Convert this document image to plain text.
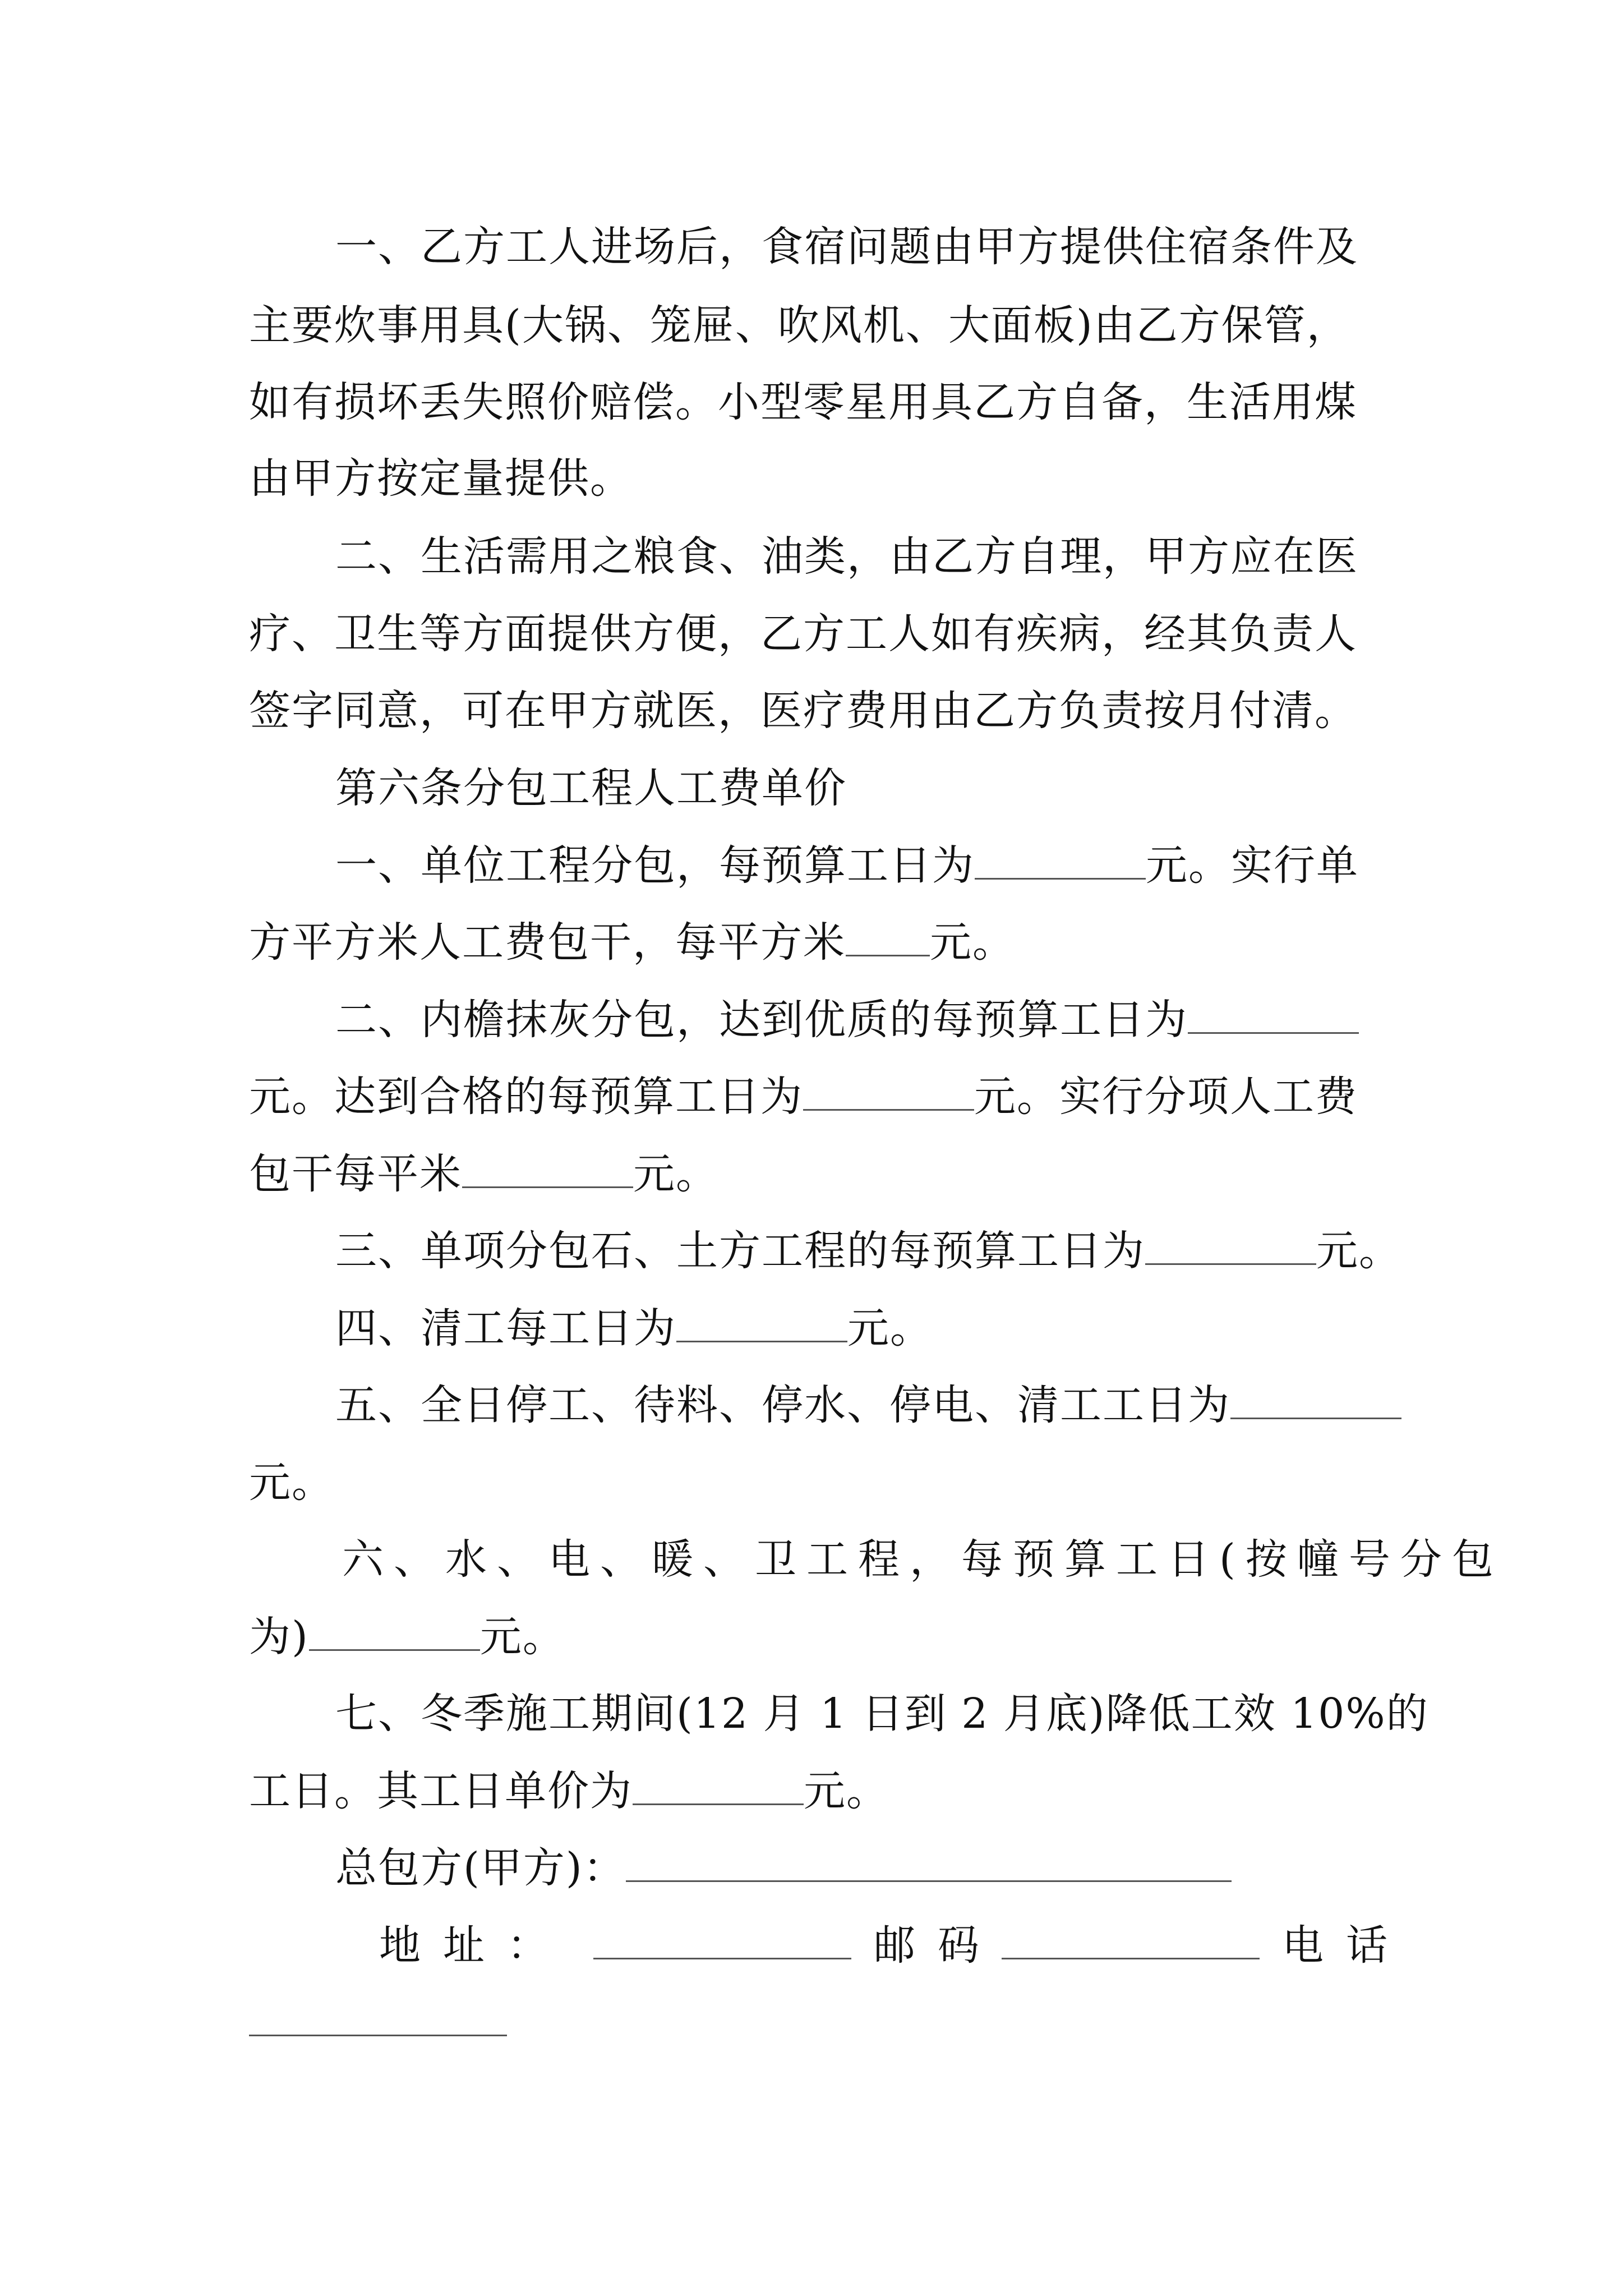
一、乙方工人进场后，食宿问题由甲方提供住宿条件及
主要炊事用具(大锅、笼屉、吹风机、大面板)由乙方保管，
如有损坏丢失照价赔偿。小型零星用具乙方自备，生活用煤
由甲方按定量提供。
二、生活需用之粮食、油类，由乙方自理，甲方应在医
疗、卫生等方面提供方便，乙方工人如有疾病，经其负责人
签字同意，可在甲方就医，医疗费用由乙方负责按月付清。
第六条分包工程人工费单价
一、单位工程分包，每预算工日为	元。实行单
方平方米人工费包干，每平方米 元。
二、内檐抹灰分包，达到优质的每预算工日为
元。达到合格的每预算工日为	元。实行分项人工费
包干每平米	元。
三、单项分包石、土方工程的每预算工日为	元。
四、清工每工日为	元。
五、全日停工、待料、停水、停电、清工工日为
元。
六、水、电、暖、卫工程，每预算工日(按幢号分包
为)	元。
七、冬季施工期间(12 月 1 日到 2 月底)降低工效 10%的
工日。其工日单价为	元。
总包方(甲方)：
地址：	邮码	电话
